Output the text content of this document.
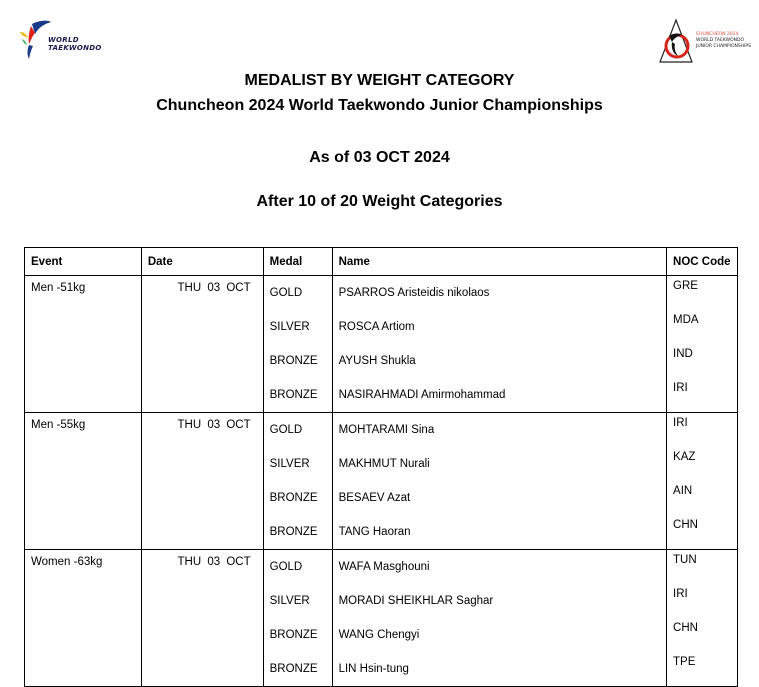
WORLD
TAEKWONDO
CHUNCHEON 2024
WORLD TAEKWONDO
JUNIOR CHAMPIONSHIPS
MEDALIST BY WEIGHT CATEGORY
Chuncheon 2024 World Taekwondo Junior Championships
As of 03 OCT 2024
After 10 of 20 Weight Categories
Event	Date	Medal	Name	NOC Code
Men -51kg	THU 03 OCT	GOLD	PSARROS Aristeidis nikolaos	GRE
		SILVER	ROSCA Artiom	MDA
		BRONZE	AYUSH Shukla	IND
		BRONZE	NASIRAHMADI Amirmohammad	IRI
Men -55kg	THU 03 OCT	GOLD	MOHTARAMI Sina	IRI
		SILVER	MAKHMUT Nurali	KAZ
		BRONZE	BESAEV Azat	AIN
		BRONZE	TANG Haoran	CHN
Women -63kg	THU 03 OCT	GOLD	WAFA Masghouni	TUN
		SILVER	MORADI SHEIKHLAR Saghar	IRI
		BRONZE	WANG Chengyi	CHN
		BRONZE	LIN Hsin-tung	TPE
